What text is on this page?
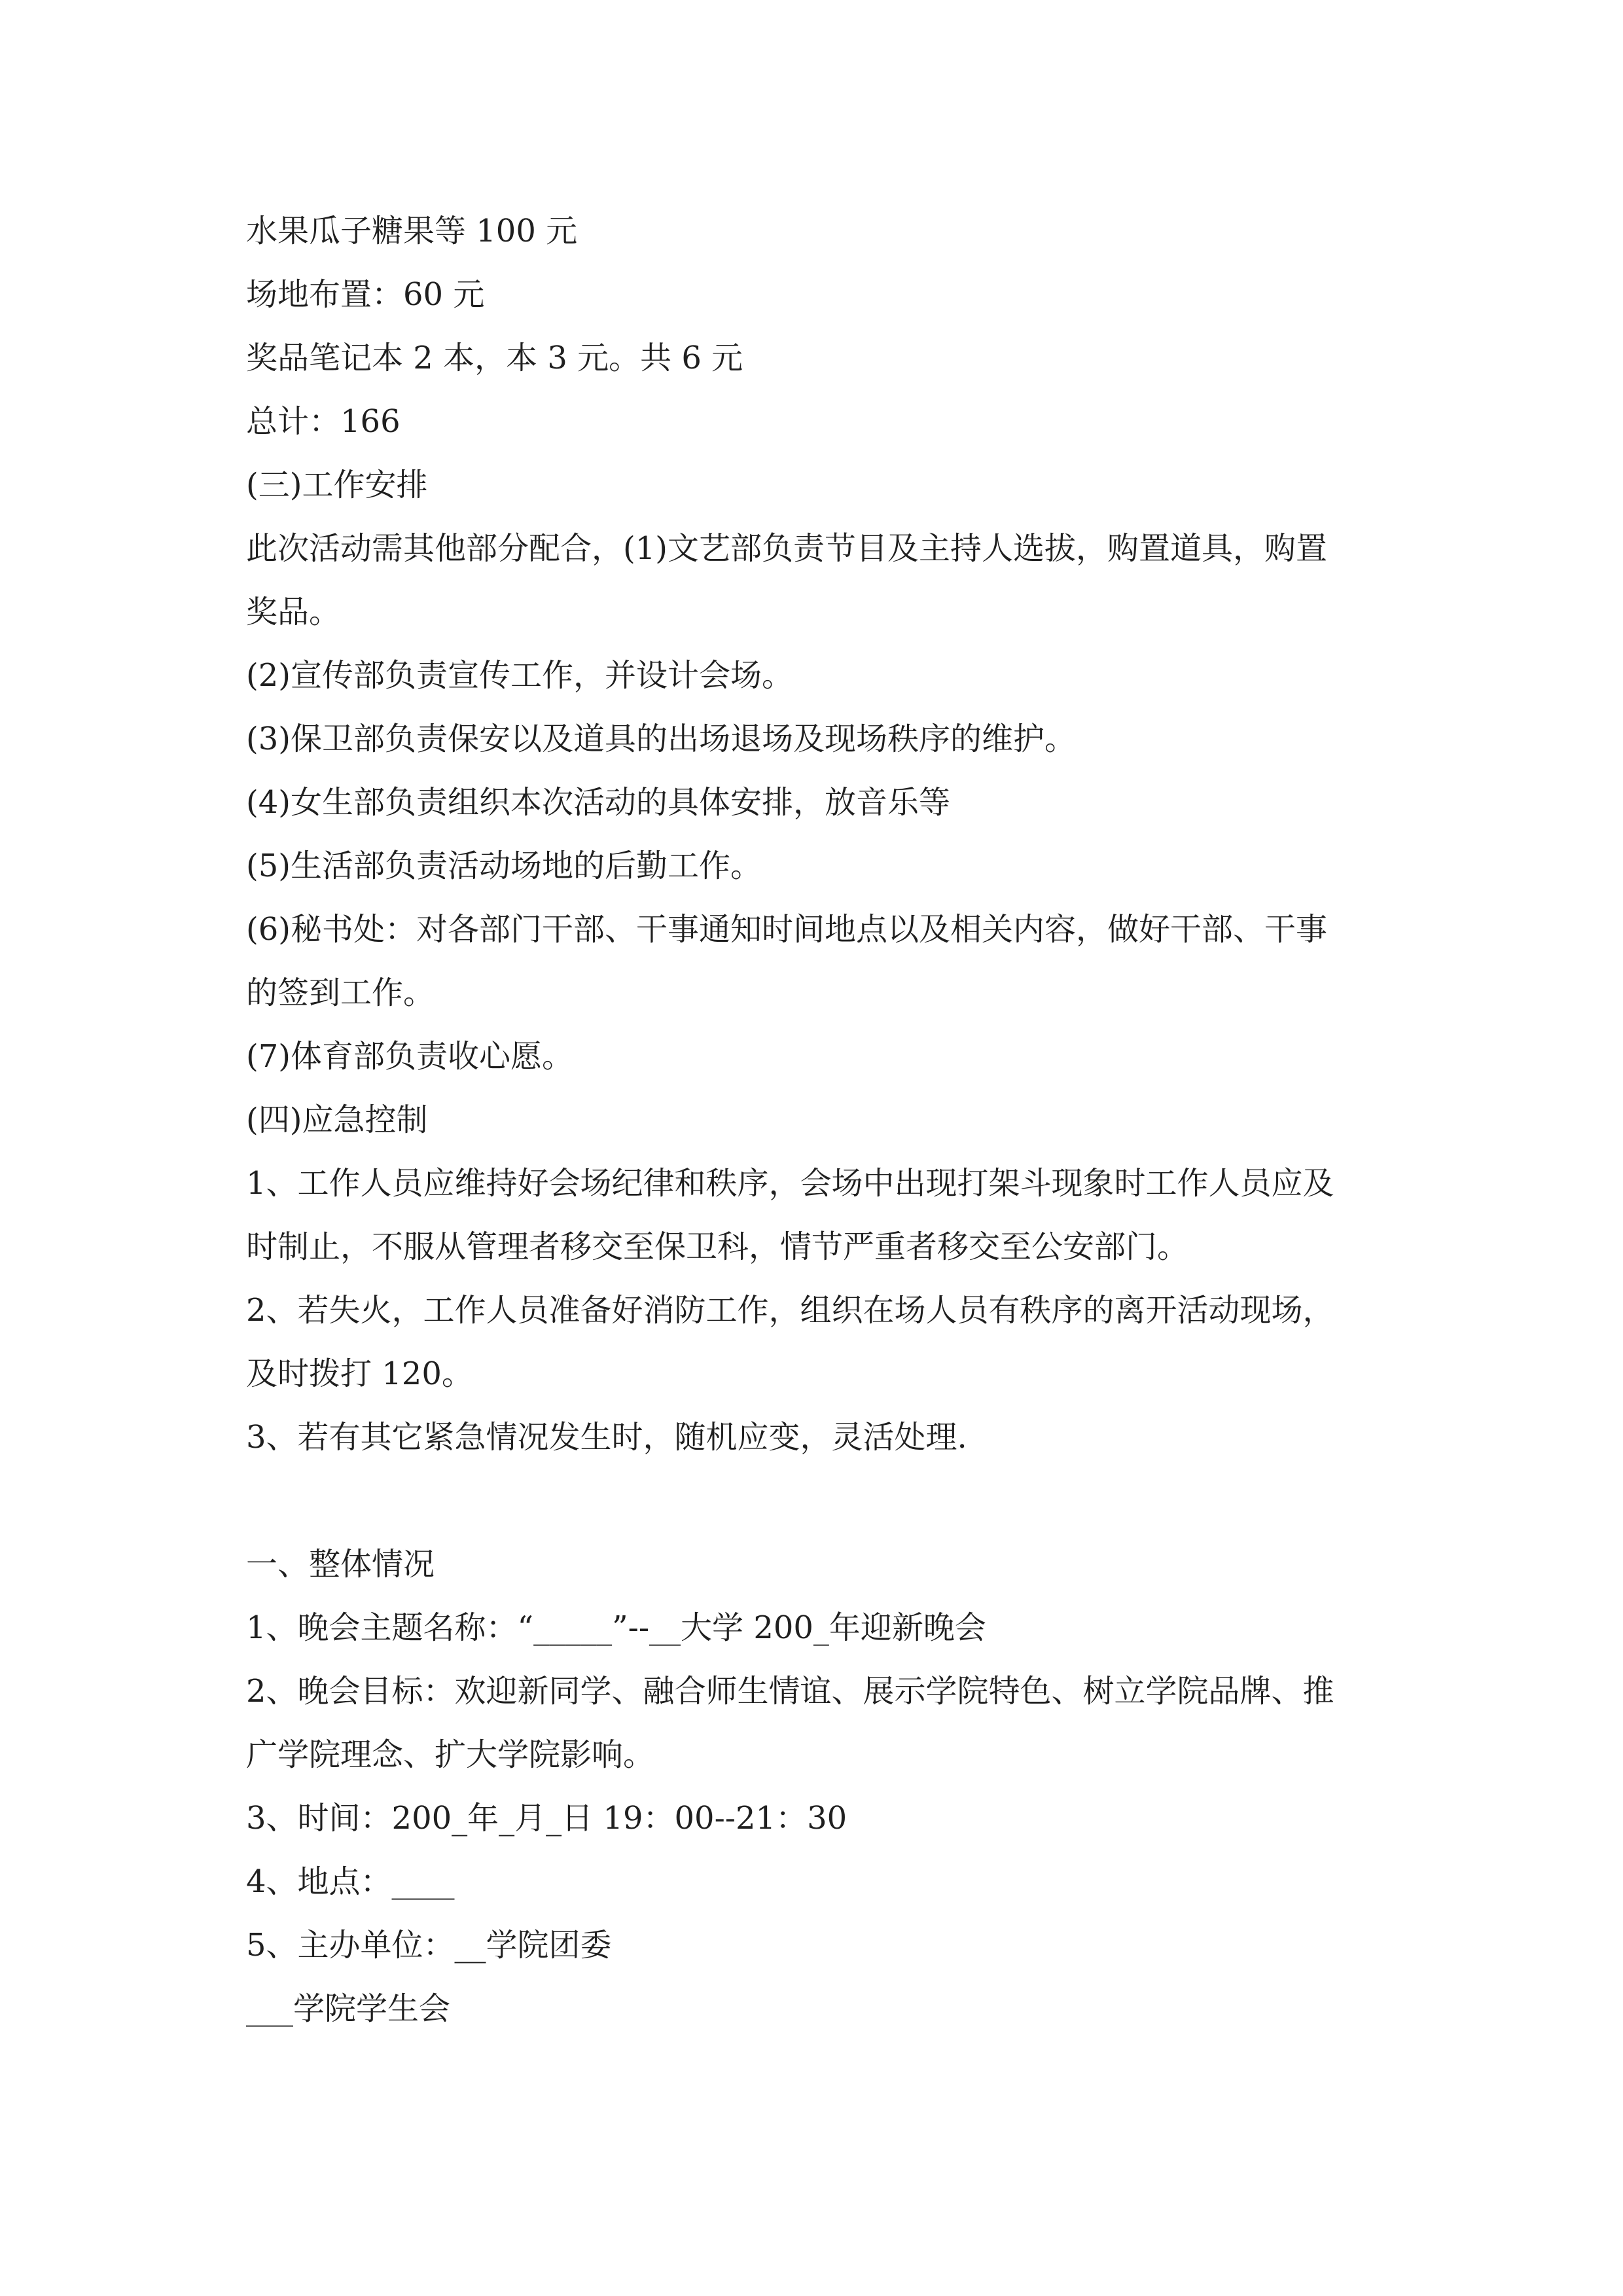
水果瓜子糖果等 100 元

场地布置：60 元

奖品笔记本 2 本，本 3 元。共 6 元

总计：166

(三)工作安排

此次活动需其他部分配合，(1)文艺部负责节目及主持人选拔，购置道具，购置

奖品。

(2)宣传部负责宣传工作，并设计会场。

(3)保卫部负责保安以及道具的出场退场及现场秩序的维护。

(4)女生部负责组织本次活动的具体安排，放音乐等

(5)生活部负责活动场地的后勤工作。

(6)秘书处：对各部门干部、干事通知时间地点以及相关内容，做好干部、干事

的签到工作。

(7)体育部负责收心愿。

(四)应急控制

1、工作人员应维持好会场纪律和秩序，会场中出现打架斗现象时工作人员应及

时制止，不服从管理者移交至保卫科，情节严重者移交至公安部门。

2、若失火，工作人员准备好消防工作，组织在场人员有秩序的离开活动现场，

及时拨打 120。

3、若有其它紧急情况发生时，随机应变，灵活处理.

一、整体情况

1、晚会主题名称：“_____”--__大学 200_年迎新晚会

2、晚会目标：欢迎新同学、融合师生情谊、展示学院特色、树立学院品牌、推

广学院理念、扩大学院影响。

3、时间：200_年_月_日 19：00--21：30

4、地点：____

5、主办单位：__学院团委

___学院学生会
